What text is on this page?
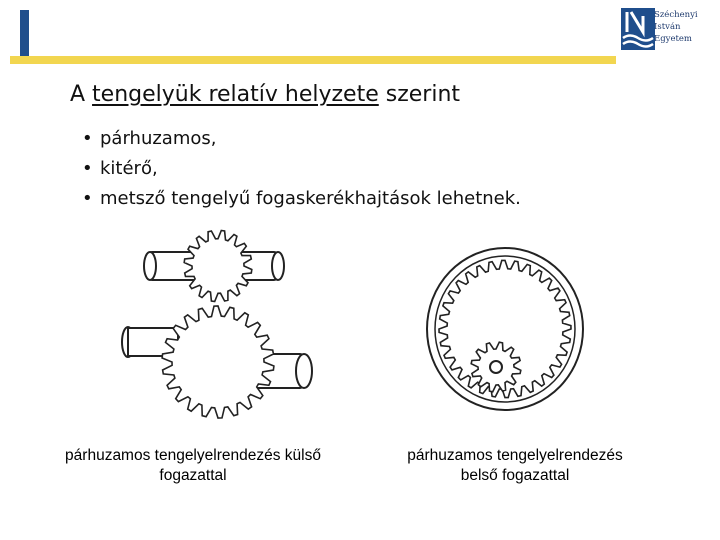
Széchenyi
István
Egyetem
A tengelyük relatív helyzete szerint
• párhuzamos,
• kitérő,
• metsző tengelyű fogaskerékhajtások lehetnek.
párhuzamos tengelyelrendezés külső
fogazattal
párhuzamos tengelyelrendezés
belső fogazattal
